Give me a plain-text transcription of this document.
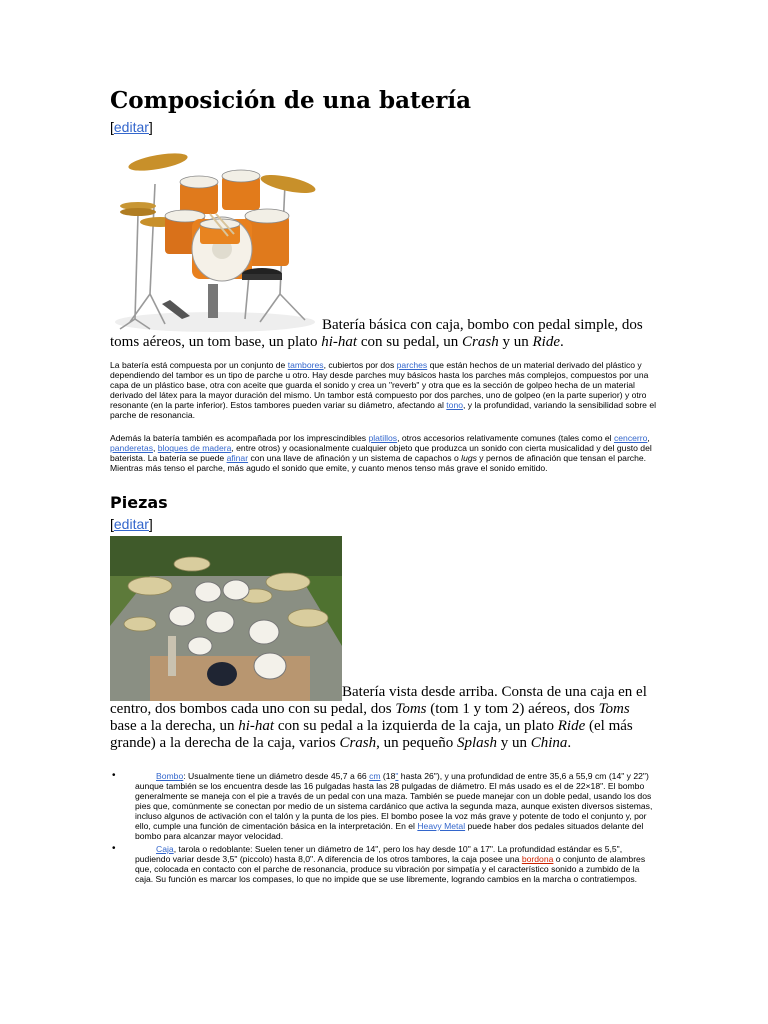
Composición de una batería
[editar]
Batería básica con caja, bombo con pedal simple, dos toms aéreos, un tom base, un plato hi-hat con su pedal, un Crash y un Ride.

La batería está compuesta por un conjunto de tambores, cubiertos por dos parches que están hechos de un material derivado del plástico y dependiendo del tambor es un tipo de parche u otro. Hay desde parches muy básicos hasta los parches más complejos, compuestos por una capa de un plástico base, otra con aceite que guarda el sonido y crea un "reverb" y otra que es la sección de golpeo hecha de un material derivado del látex para la mayor duración del mismo. Un tambor está compuesto por dos parches, uno de golpeo (en la parte superior) y otro resonante (en la parte inferior). Estos tambores pueden variar su diámetro, afectando al tono, y la profundidad, variando la sensibilidad sobre el parche de resonancia.

Además la batería también es acompañada por los imprescindibles platillos, otros accesorios relativamente comunes (tales como el cencerro, panderetas, bloques de madera, entre otros) y ocasionalmente cualquier objeto que produzca un sonido con cierta musicalidad y del gusto del baterista. La batería se puede afinar con una llave de afinación y un sistema de capachos o lugs y pernos de afinación que tensan el parche. Mientras más tenso el parche, más agudo el sonido que emite, y cuanto menos tenso más grave el sonido emitido.

Piezas
[editar]
Batería vista desde arriba. Consta de una caja en el centro, dos bombos cada uno con su pedal, dos Toms (tom 1 y tom 2) aéreos, dos Toms base a la derecha, un hi-hat con su pedal a la izquierda de la caja, un plato Ride (el más grande) a la derecha de la caja, varios Crash, un pequeño Splash y un China.
•	Bombo: Usualmente tiene un diámetro desde 45,7 a 66 cm (18" hasta 26"), y una profundidad de entre 35,6 a 55,9 cm (14" y 22") aunque también se los encuentra desde las 16 pulgadas hasta las 28 pulgadas de diámetro. El más usado es el de 22×18". El bombo generalmente se maneja con el pie a través de un pedal con una maza. También se puede manejar con un doble pedal, usando los dos pies que, comúnmente se conectan por medio de un sistema cardánico que activa la segunda maza, aunque existen diversos sistemas, incluso algunos de activación con el talón y la punta de los pies. El bombo posee la voz más grave y potente de todo el conjunto y, por ello, cumple una función de cimentación básica en la interpretación. En el Heavy Metal puede haber dos pedales situados delante del bombo para alcanzar mayor velocidad.
•	Caja, tarola o redoblante: Suelen tener un diámetro de 14", pero los hay desde 10" a 17". La profundidad estándar es 5,5", pudiendo variar desde 3,5" (piccolo) hasta 8,0". A diferencia de los otros tambores, la caja posee una bordona o conjunto de alambres que, colocada en contacto con el parche de resonancia, produce su vibración por simpatía y el característico sonido a zumbido de la caja. Su función es marcar los compases, lo que no impide que se use libremente, logrando cambios en la marcha o contratiempos.
